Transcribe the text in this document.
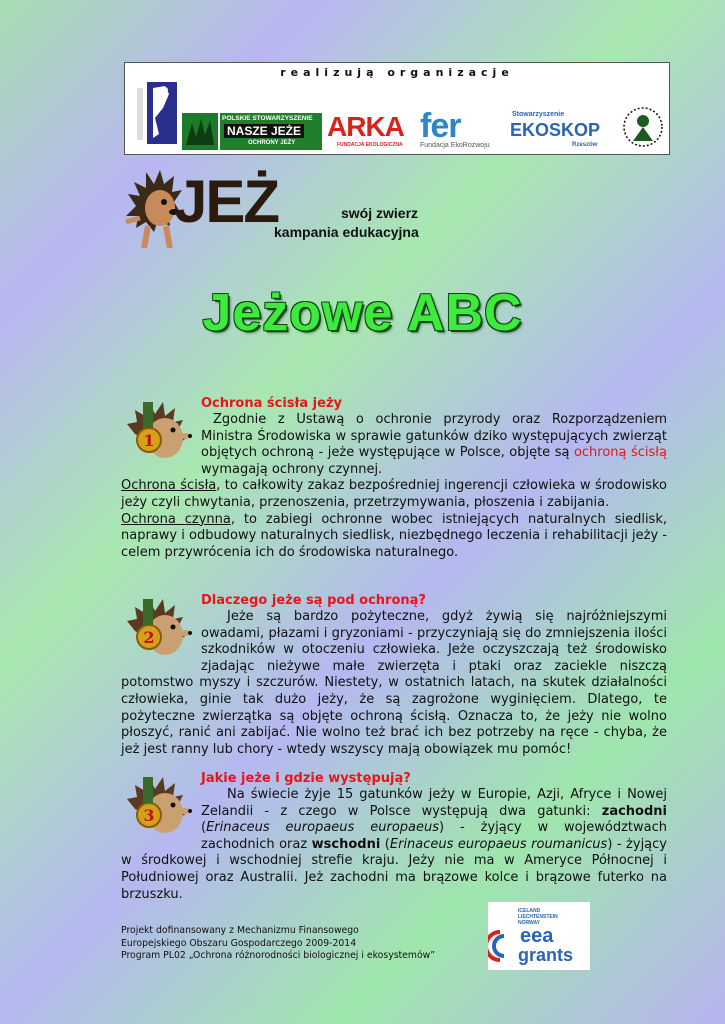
realizują organizacje
POLSKIE STOWARZYSZENIE
NASZE JEŻE
OCHRONY JEŻY
ARKA
FUNDACJA EKOLOGICZNA fer
Fundacja EkoRozwoju
Stowarzyszenie
EKOSKOP
Rzeszów
JEŻ	swój zwierz
kampania edukacyjna
Jeżowe ABC
1
Ochrona ścisła jeży
Zgodnie z Ustawą o ochronie przyrody oraz Rozporządzeniem Ministra Środowiska w sprawie gatunków dziko występujących zwierząt objętych ochroną - jeże występujące w Polsce, objęte są ochroną ścisłą wymagają ochrony czynnej.
Ochrona ścisła, to całkowity zakaz bezpośredniej ingerencji człowieka w środowisko jeży czyli chwytania, przenoszenia, przetrzymywania, płoszenia i zabijania.
Ochrona czynna, to zabiegi ochronne wobec istniejących naturalnych siedlisk, naprawy i odbudowy naturalnych siedlisk, niezbędnego leczenia i rehabilitacji jeży - celem przywrócenia ich do środowiska naturalnego.
2
Dlaczego jeże są pod ochroną?
Jeże są bardzo pożyteczne, gdyż żywią się najróżniejszymi owadami, płazami i gryzoniami - przyczyniają się do zmniejszenia ilości szkodników w otoczeniu człowieka. Jeże oczyszczają też środowisko zjadając nieżywe małe zwierzęta i ptaki oraz zaciekle niszczą potomstwo myszy i szczurów. Niestety, w ostatnich latach, na skutek działalności człowieka, ginie tak dużo jeży, że są zagrożone wyginięciem. Dlatego, te pożyteczne zwierzątka są objęte ochroną ścisłą. Oznacza to, że jeży nie wolno płoszyć, ranić ani zabijać. Nie wolno też brać ich bez potrzeby na ręce - chyba, że jeż jest ranny lub chory - wtedy wszyscy mają obowiązek mu pomóc!
3
Jakie jeże i gdzie występują?
Na świecie żyje 15 gatunków jeży w Europie, Azji, Afryce i Nowej Zelandii - z czego w Polsce występują dwa gatunki: zachodni (Erinaceus europaeus europaeus) - żyjący w województwach zachodnich oraz wschodni (Erinaceus europaeus roumanicus) - żyjący w środkowej i wschodniej strefie kraju. Jeży nie ma w Ameryce Północnej i Południowej oraz Australii. Jeż zachodni ma brązowe kolce i brązowe futerko na brzuszku.
Projekt dofinansowany z Mechanizmu Finansowego
Europejskiego Obszaru Gospodarczego 2009-2014
Program PL02 „Ochrona różnorodności biologicznej i ekosystemów”
ICELAND
LIECHTENSTEIN
NORWAY
eea
grants
